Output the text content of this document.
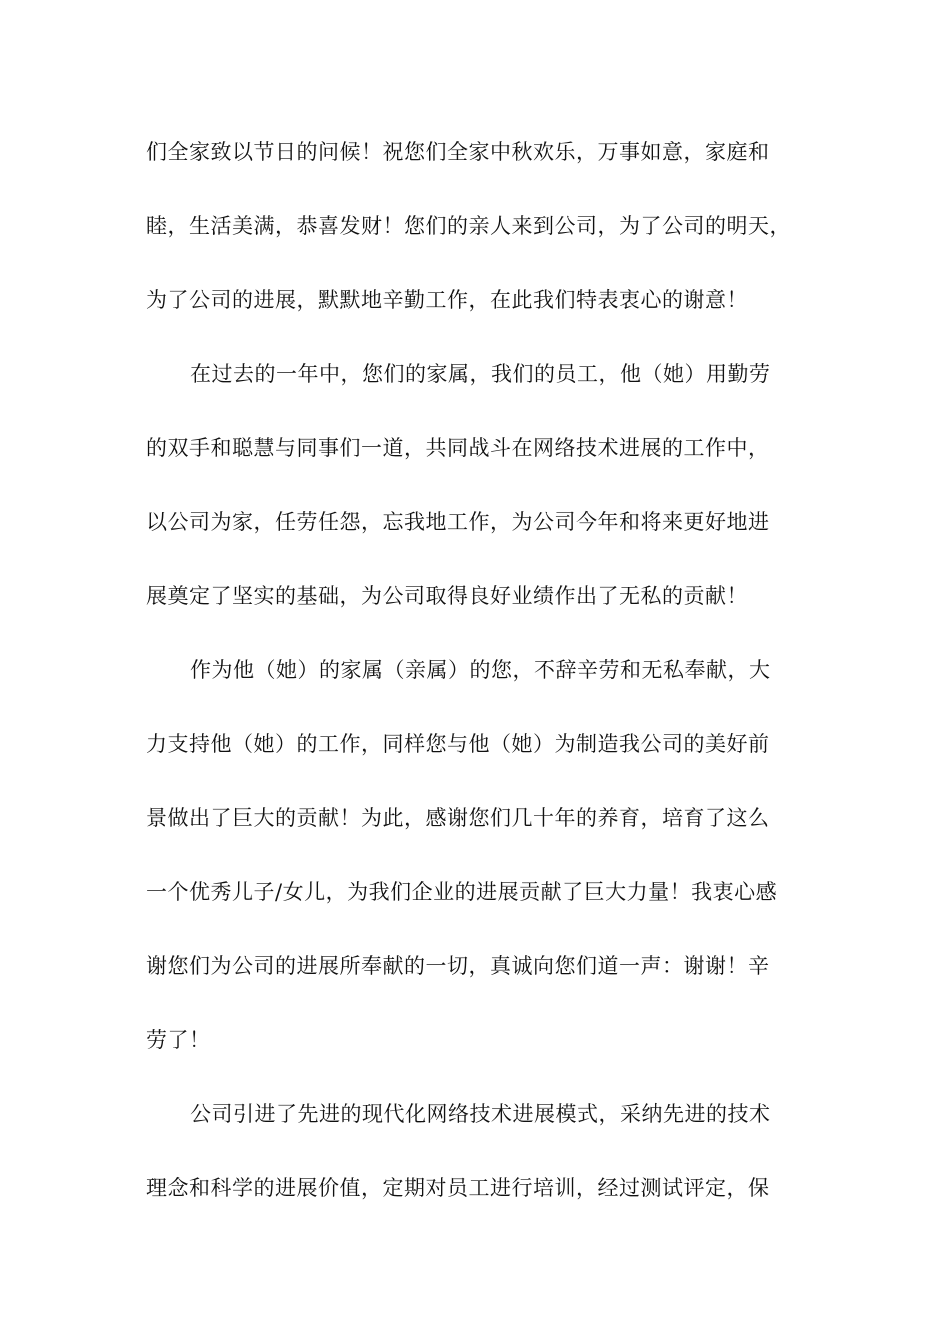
们全家致以节日的问候！祝您们全家中秋欢乐，万事如意，家庭和
睦，生活美满，恭喜发财！您们的亲人来到公司，为了公司的明天，
为了公司的进展，默默地辛勤工作，在此我们特表衷心的谢意！
在过去的一年中，您们的家属，我们的员工，他（她）用勤劳
的双手和聪慧与同事们一道，共同战斗在网络技术进展的工作中，
以公司为家，任劳任怨，忘我地工作，为公司今年和将来更好地进
展奠定了坚实的基础，为公司取得良好业绩作出了无私的贡献！
作为他（她）的家属（亲属）的您，不辞辛劳和无私奉献，大
力支持他（她）的工作，同样您与他（她）为制造我公司的美好前
景做出了巨大的贡献！为此，感谢您们几十年的养育，培育了这么
一个优秀儿子/女儿，为我们企业的进展贡献了巨大力量！我衷心感
谢您们为公司的进展所奉献的一切，真诚向您们道一声：谢谢！辛
劳了！
公司引进了先进的现代化网络技术进展模式，采纳先进的技术
理念和科学的进展价值，定期对员工进行培训，经过测试评定，保
